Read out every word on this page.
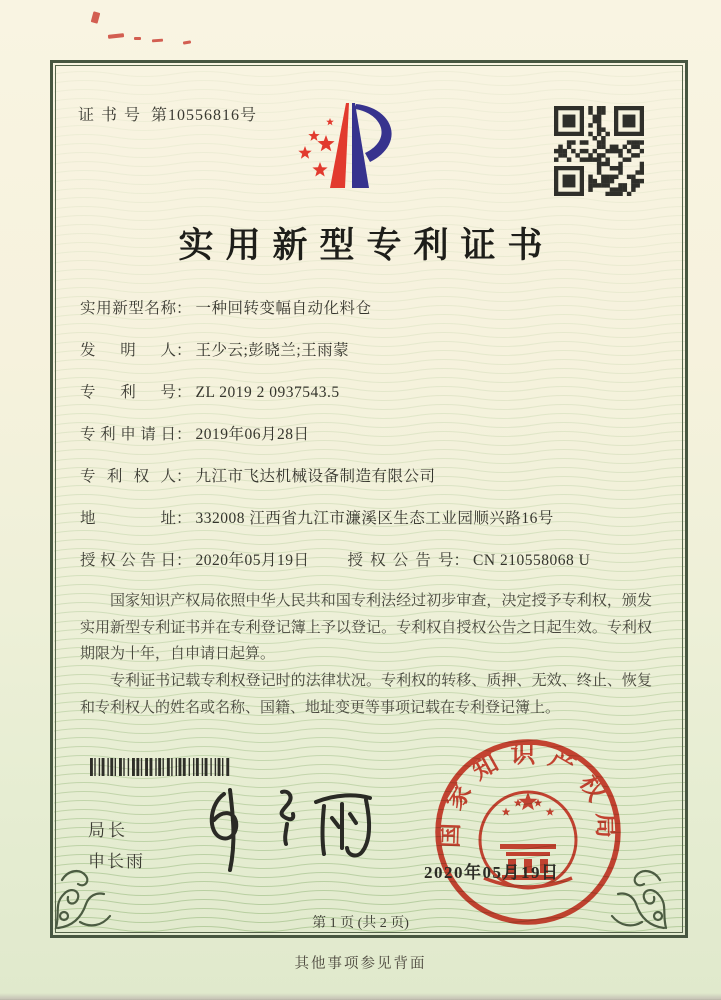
证书号 第10556816号
实用新型专利证书
实用新型名称 ： 一种回转变幅自动化料仓
发明人 ： 王少云;彭晓兰;王雨蒙
专利号 ： ZL 2019 2 0937543.5
专利申请日 ： 2019年06月28日
专利权人 ： 九江市飞达机械设备制造有限公司
地址 ： 332008 江西省九江市濂溪区生态工业园顺兴路16号
授权公告日 ： 2020年05月19日 授权公告号 ： CN 210558068 U

国家知识产权局依照中华人民共和国专利法经过初步审查，决定授予专利权，颁发实用新型专利证书并在专利登记簿上予以登记。专利权自授权公告之日起生效。专利权期限为十年，自申请日起算。

专利证书记载专利权登记时的法律状况。专利权的转移、质押、无效、终止、恢复和专利权人的姓名或名称、国籍、地址变更等事项记载在专利登记簿上。

局长
申长雨
国家知识产权局
2020年05月19日
第 1 页 (共 2 页)
其他事项参见背面
